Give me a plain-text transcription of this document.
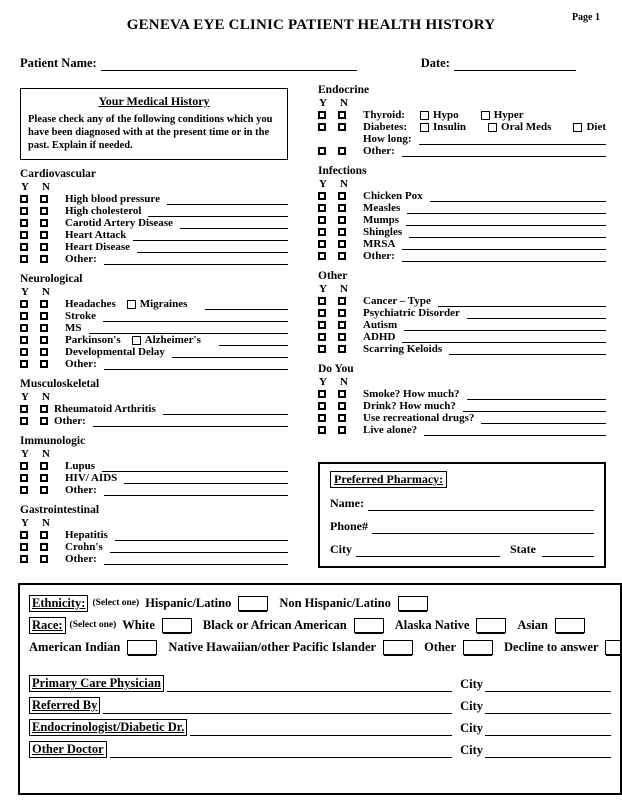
Page 1
GENEVA EYE CLINIC PATIENT HEALTH HISTORY
Patient Name:	Date:
Your Medical History
Please check any of the following conditions which you have been diagnosed with at the present time or in the past. Explain if needed.
Cardiovascular
Y N
High blood pressure
High cholesterol
Carotid Artery Disease
Heart Attack
Heart Disease
Other:
Neurological
Y N
Headaches Migraines
Stroke
MS
Parkinson's Alzheimer's
Developmental Delay
Other:
Musculoskeletal
Y N
Rheumatoid Arthritis
Other:
Immunologic
Y N
Lupus
HIV/ AIDS
Other:
Gastrointestinal
Y N
Hepatitis
Crohn's
Other:
Endocrine
Y N
Thyroid:	Hypo	Hyper
Diabetes: Insulin	Oral Meds	Diet
How long:
Other:
Infections
Y N
Chicken Pox
Measles
Mumps
Shingles
MRSA
Other:
Other
Y N
Cancer – Type
Psychiatric Disorder
Autism
ADHD
Scarring Keloids
Do You
Y N
Smoke? How much?
Drink? How much?
Use recreational drugs?
Live alone?
Preferred Pharmacy:
Name:
Phone#
City	State
Ethnicity: (Select one) Hispanic/Latino	Non Hispanic/Latino
Race: (Select one) White	Black or African American	Alaska Native	Asian
American Indian	Native Hawaiian/other Pacific Islander	Other	Decline to answer
Primary Care Physician	City
Referred By	City
Endocrinologist/Diabetic Dr.	City
Other Doctor	City
